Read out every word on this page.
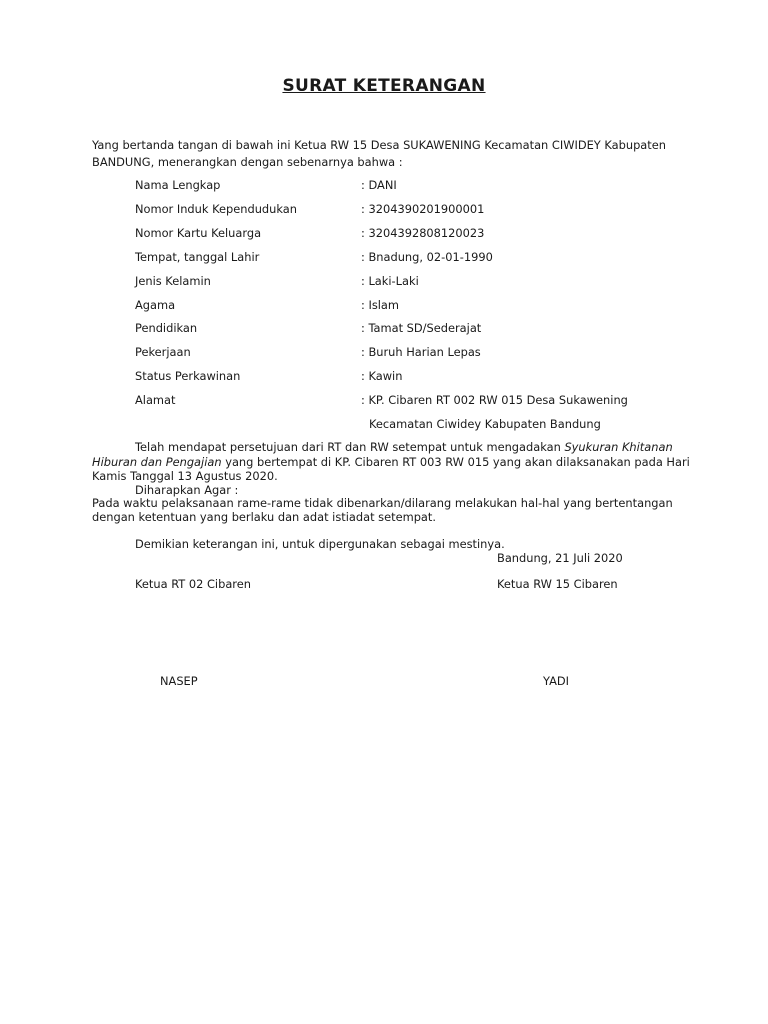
SURAT KETERANGAN
Yang bertanda tangan di bawah ini Ketua RW 15 Desa SUKAWENING Kecamatan CIWIDEY Kabupaten
BANDUNG, menerangkan dengan sebenarnya bahwa :
Nama Lengkap	: DANI
Nomor Induk Kependudukan	: 3204390201900001
Nomor Kartu Keluarga	: 3204392808120023
Tempat, tanggal Lahir	: Bnadung, 02-01-1990
Jenis Kelamin	: Laki-Laki
Agama	: Islam
Pendidikan	: Tamat SD/Sederajat
Pekerjaan	: Buruh Harian Lepas
Status Perkawinan	: Kawin
Alamat	: KP. Cibaren RT 002 RW 015 Desa Sukawening
Kecamatan Ciwidey Kabupaten Bandung
Telah mendapat persetujuan dari RT dan RW setempat untuk mengadakan Syukuran Khitanan
Hiburan dan Pengajian yang bertempat di KP. Cibaren RT 003 RW 015 yang akan dilaksanakan pada Hari
Kamis Tanggal 13 Agustus 2020.
Diharapkan Agar :
Pada waktu pelaksanaan rame-rame tidak dibenarkan/dilarang melakukan hal-hal yang bertentangan
dengan ketentuan yang berlaku dan adat istiadat setempat.
Demikian keterangan ini, untuk dipergunakan sebagai mestinya.
Bandung, 21 Juli 2020
Ketua RT 02 Cibaren	Ketua RW 15 Cibaren
NASEP	YADI
